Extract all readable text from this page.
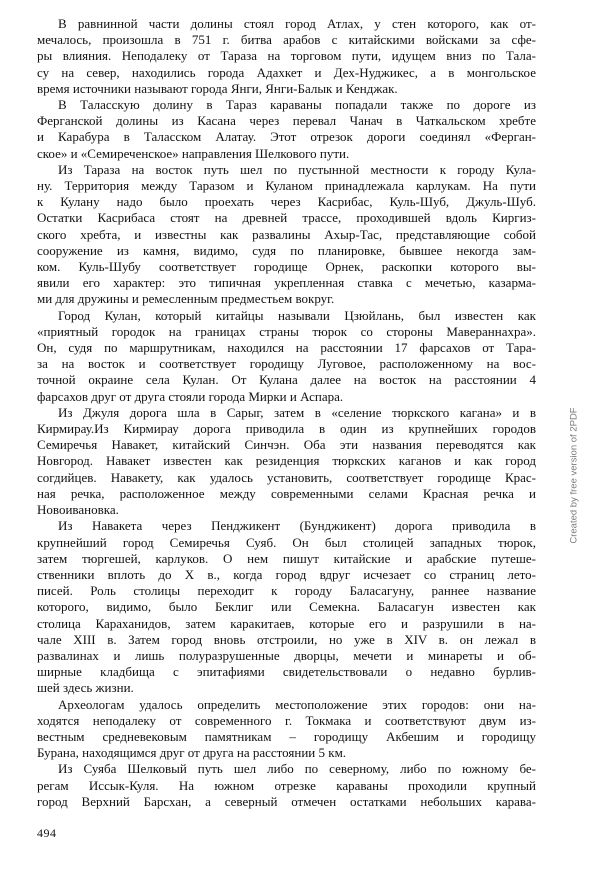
В равнинной части долины стоял город Атлах, у стен которого, как от-
мечалось, произошла в 751 г. битва арабов с китайскими войсками за сфе-
ры влияния. Неподалеку от Тараза на торговом пути, идущем вниз по Тала-
су на север, находились города Адахкет и Дех-Нуджикес, а в монгольское
время источники называют города Янги, Янги-Балык и Кенджак.

В Таласскую долину в Тараз караваны попадали также по дороге из
Ферганской долины из Касана через перевал Чанач в Чаткальском хребте
и Карабура в Таласском Алатау. Этот отрезок дороги соединял «Ферган-
ское» и «Семиреченское» направления Шелкового пути.

Из Тараза на восток путь шел по пустынной местности к городу Кула-
ну. Территория между Таразом и Куланом принадлежала карлукам. На пути
к Кулану надо было проехать через Касрибас, Куль-Шуб, Джуль-Шуб.
Остатки Касрибаса стоят на древней трассе, проходившей вдоль Киргиз-
ского хребта, и известны как развалины Ахыр-Тас, представляющие собой
сооружение из камня, видимо, судя по планировке, бывшее некогда зам-
ком. Куль-Шубу соответствует городище Орнек, раскопки которого вы-
явили его характер: это типичная укрепленная ставка с мечетью, казарма-
ми для дружины и ремесленным предместьем вокруг.

Город Кулан, который китайцы называли Цзюйлань, был известен как
«приятный городок на границах страны тюрок со стороны Мавераннахра».
Он, судя по маршрутникам, находился на расстоянии 17 фарсахов от Тара-
за на восток и соответствует городищу Луговое, расположенному на вос-
точной окраине села Кулан. От Кулана далее на восток на расстоянии 4
фарсахов друг от друга стояли города Мирки и Аспара.

Из Джуля дорога шла в Сарыг, затем в «селение тюркского кагана» и в
Кирмирау.Из Кирмирау дорога приводила в один из крупнейших городов
Семиречья Навакет, китайский Синчэн. Оба эти названия переводятся как
Новгород. Навакет известен как резиденция тюркских каганов и как город
согдийцев. Навакету, как удалось установить, соответствует городище Крас-
ная речка, расположенное между современными селами Красная речка и
Новоивановка.

Из Навакета через Пенджикент (Бунджикент) дорога приводила в
крупнейший город Семиречья Суяб. Он был столицей западных тюрок,
затем тюргешей, карлуков. О нем пишут китайские и арабские путеше-
ственники вплоть до X в., когда город вдруг исчезает со страниц лето-
писей. Роль столицы переходит к городу Баласагуну, раннее название
которого, видимо, было Беклиг или Семекна. Баласагун известен как
столица Караханидов, затем каракитаев, которые его и разрушили в на-
чале XIII в. Затем город вновь отстроили, но уже в XIV в. он лежал в
развалинах и лишь полуразрушенные дворцы, мечети и минареты и об-
ширные кладбища с эпитафиями свидетельствовали о недавно бурлив-
шей здесь жизни.

Археологам удалось определить местоположение этих городов: они на-
ходятся неподалеку от современного г. Токмака и соответствуют двум из-
вестным средневековым памятникам – городищу Акбешим и городищу
Бурана, находящимся друг от друга на расстоянии 5 км.

Из Суяба Шелковый путь шел либо по северному, либо по южному бе-
регам Иссык-Куля. На южном отрезке караваны проходили крупный
город Верхний Барсхан, а северный отмечен остатками небольших карава-

494
Created by free version of 2PDF
